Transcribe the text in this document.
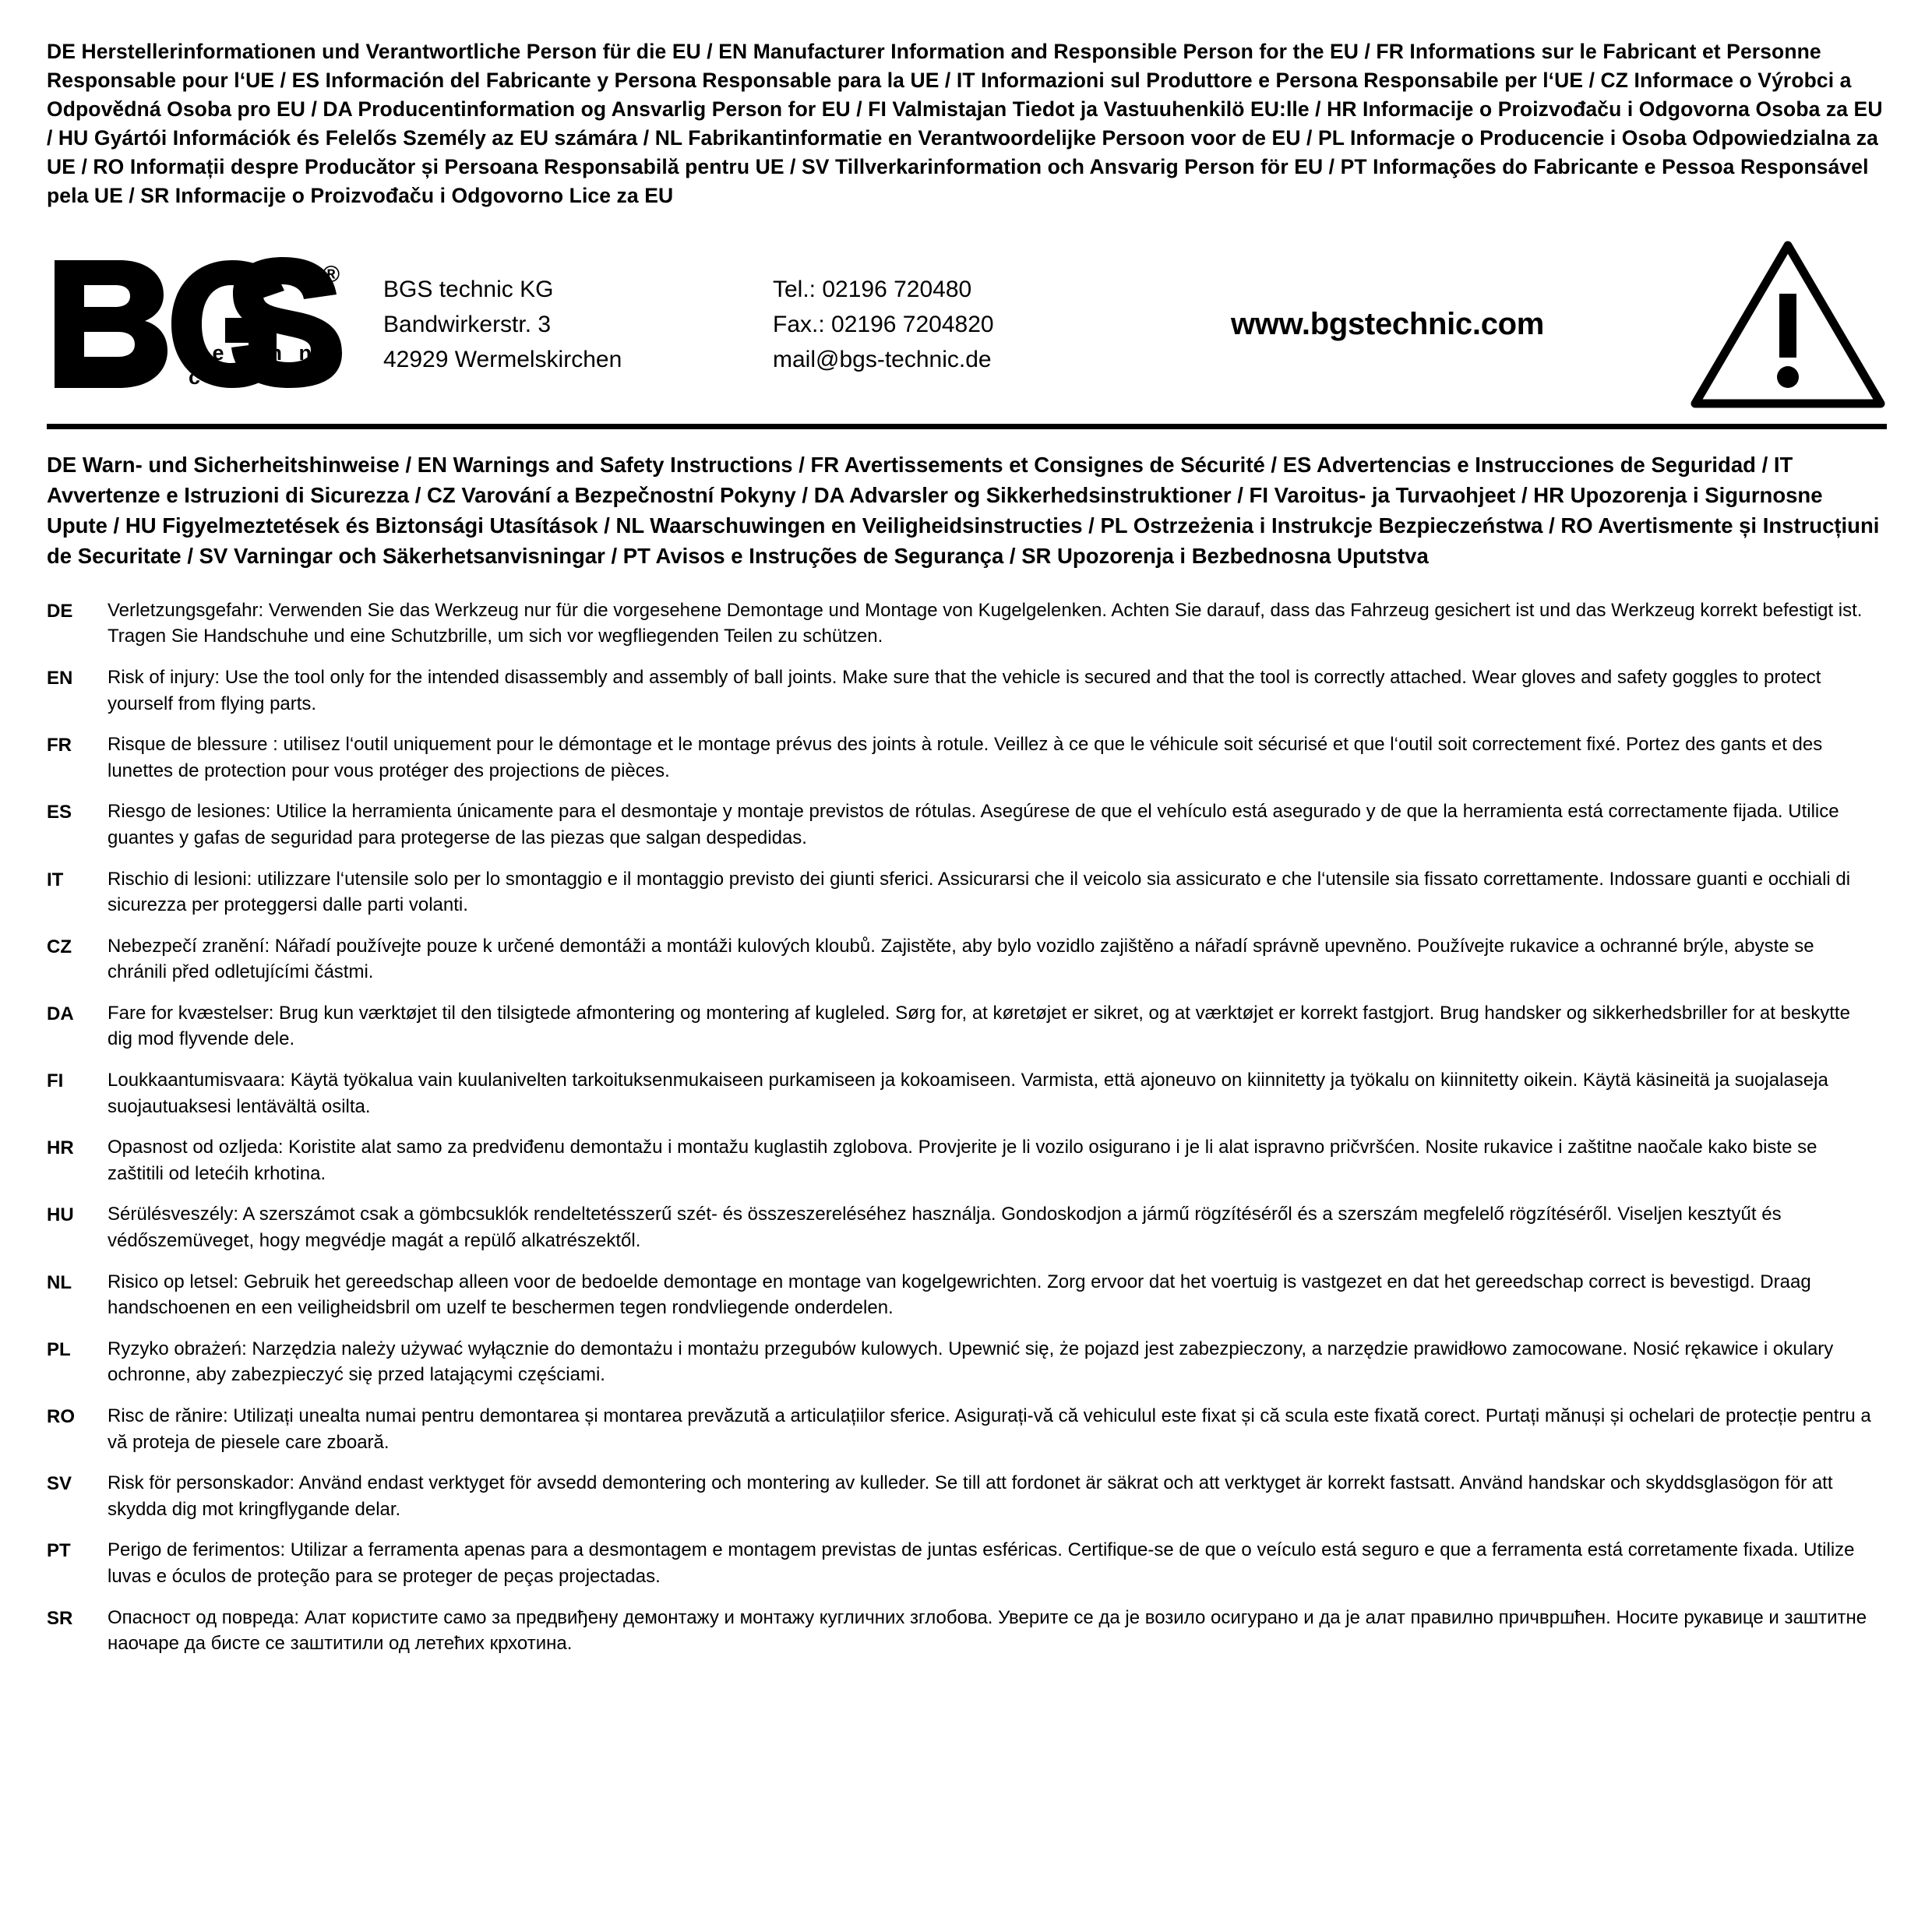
DE Herstellerinformationen und Verantwortliche Person für die EU / EN Manufacturer Information and Responsible Person for the EU / FR Informations sur le Fabricant et Personne Responsable pour l‘UE / ES Información del Fabricante y Persona Responsable para la UE / IT Informazioni sul Produttore e Persona Responsabile per l‘UE / CZ Informace o Výrobci a Odpovědná Osoba pro EU / DA Producentinformation og Ansvarlig Person for EU / FI Valmistajan Tiedot ja Vastuuhenkilö EU:lle / HR Informacije o Proizvođaču i Odgovorna Osoba za EU / HU Gyártói Információk és Felelős Személy az EU számára / NL Fabrikantinformatie en Verantwoordelijke Persoon voor de EU / PL Informacje o Producencie i Osoba Odpowiedzialna za UE / RO Informații despre Producător și Persoana Responsabilă pentru UE / SV Tillverkarinformation och Ansvarig Person för EU / PT Informações do Fabricante e Pessoa Responsável pela UE / SR Informacije o Proizvođaču i Odgovorno Lice za EU
®
t e c h n i c
BGS technic KG
Bandwirkerstr. 3
42929 Wermelskirchen
Tel.: 02196 720480
Fax.: 02196 7204820
mail@bgs-technic.de
www.bgstechnic.com
DE Warn- und Sicherheitshinweise / EN Warnings and Safety Instructions / FR Avertissements et Consignes de Sécurité / ES Advertencias e Instrucciones de Seguridad / IT Avvertenze e Istruzioni di Sicurezza / CZ Varování a Bezpečnostní Pokyny / DA Advarsler og Sikkerhedsinstruktioner / FI Varoitus- ja Turvaohjeet / HR Upozorenja i Sigurnosne Upute / HU Figyelmeztetések és Biztonsági Utasítások / NL Waarschuwingen en Veiligheidsinstructies / PL Ostrzeżenia i Instrukcje Bezpieczeństwa / RO Avertismente și Instrucțiuni de Securitate / SV Varningar och Säkerhetsanvisningar / PT Avisos e Instruções de Segurança / SR Upozorenja i Bezbednosna Uputstva
DE	Verletzungsgefahr: Verwenden Sie das Werkzeug nur für die vorgesehene Demontage und Montage von Kugelgelenken. Achten Sie darauf, dass das Fahrzeug gesichert ist und das Werkzeug korrekt befestigt ist. Tragen Sie Handschuhe und eine Schutzbrille, um sich vor wegfliegenden Teilen zu schützen.
EN	Risk of injury: Use the tool only for the intended disassembly and assembly of ball joints. Make sure that the vehicle is secured and that the tool is correctly attached. Wear gloves and safety goggles to protect yourself from flying parts.
FR	Risque de blessure : utilisez l‘outil uniquement pour le démontage et le montage prévus des joints à rotule. Veillez à ce que le véhicule soit sécurisé et que l‘outil soit correctement fixé. Portez des gants et des lunettes de protection pour vous protéger des projections de pièces.
ES	Riesgo de lesiones: Utilice la herramienta únicamente para el desmontaje y montaje previstos de rótulas. Asegúrese de que el vehículo está asegurado y de que la herramienta está correctamente fijada. Utilice guantes y gafas de seguridad para protegerse de las piezas que salgan despedidas.
IT	Rischio di lesioni: utilizzare l‘utensile solo per lo smontaggio e il montaggio previsto dei giunti sferici. Assicurarsi che il veicolo sia assicurato e che l‘utensile sia fissato correttamente. Indossare guanti e occhiali di sicurezza per proteggersi dalle parti volanti.
CZ	Nebezpečí zranění: Nářadí používejte pouze k určené demontáži a montáži kulových kloubů. Zajistěte, aby bylo vozidlo zajištěno a nářadí správně upevněno. Používejte rukavice a ochranné brýle, abyste se chránili před odletujícími částmi.
DA	Fare for kvæstelser: Brug kun værktøjet til den tilsigtede afmontering og montering af kugleled. Sørg for, at køretøjet er sikret, og at værktøjet er korrekt fastgjort. Brug handsker og sikkerhedsbriller for at beskytte dig mod flyvende dele.
FI	Loukkaantumisvaara: Käytä työkalua vain kuulanivelten tarkoituksenmukaiseen purkamiseen ja kokoamiseen. Varmista, että ajoneuvo on kiinnitetty ja työkalu on kiinnitetty oikein. Käytä käsineitä ja suojalaseja suojautuaksesi lentävältä osilta.
HR	Opasnost od ozljeda: Koristite alat samo za predviđenu demontažu i montažu kuglastih zglobova. Provjerite je li vozilo osigurano i je li alat ispravno pričvršćen. Nosite rukavice i zaštitne naočale kako biste se zaštitili od letećih krhotina.
HU	Sérülésveszély: A szerszámot csak a gömbcsuklók rendeltetésszerű szét- és összeszereléséhez használja. Gondoskodjon a jármű rögzítéséről és a szerszám megfelelő rögzítéséről. Viseljen kesztyűt és védőszemüveget, hogy megvédje magát a repülő alkatrészektől.
NL	Risico op letsel: Gebruik het gereedschap alleen voor de bedoelde demontage en montage van kogelgewrichten. Zorg ervoor dat het voertuig is vastgezet en dat het gereedschap correct is bevestigd. Draag handschoenen en een veiligheidsbril om uzelf te beschermen tegen rondvliegende onderdelen.
PL	Ryzyko obrażeń: Narzędzia należy używać wyłącznie do demontażu i montażu przegubów kulowych. Upewnić się, że pojazd jest zabezpieczony, a narzędzie prawidłowo zamocowane. Nosić rękawice i okulary ochronne, aby zabezpieczyć się przed latającymi częściami.
RO	Risc de rănire: Utilizați unealta numai pentru demontarea și montarea prevăzută a articulațiilor sferice. Asigurați-vă că vehiculul este fixat și că scula este fixată corect. Purtați mănuși și ochelari de protecție pentru a vă proteja de piesele care zboară.
SV	Risk för personskador: Använd endast verktyget för avsedd demontering och montering av kulleder. Se till att fordonet är säkrat och att verktyget är korrekt fastsatt. Använd handskar och skyddsglasögon för att skydda dig mot kringflygande delar.
PT	Perigo de ferimentos: Utilizar a ferramenta apenas para a desmontagem e montagem previstas de juntas esféricas. Certifique-se de que o veículo está seguro e que a ferramenta está corretamente fixada. Utilize luvas e óculos de proteção para se proteger de peças projectadas.
SR	Опасност од повреда: Алат користите само за предвиђену демонтажу и монтажу кугличних зглобова. Уверите се да је возило осигурано и да је алат правилно причвршћен. Носите рукавице и заштитне наочаре да бисте се заштитили од летећих крхотина.
